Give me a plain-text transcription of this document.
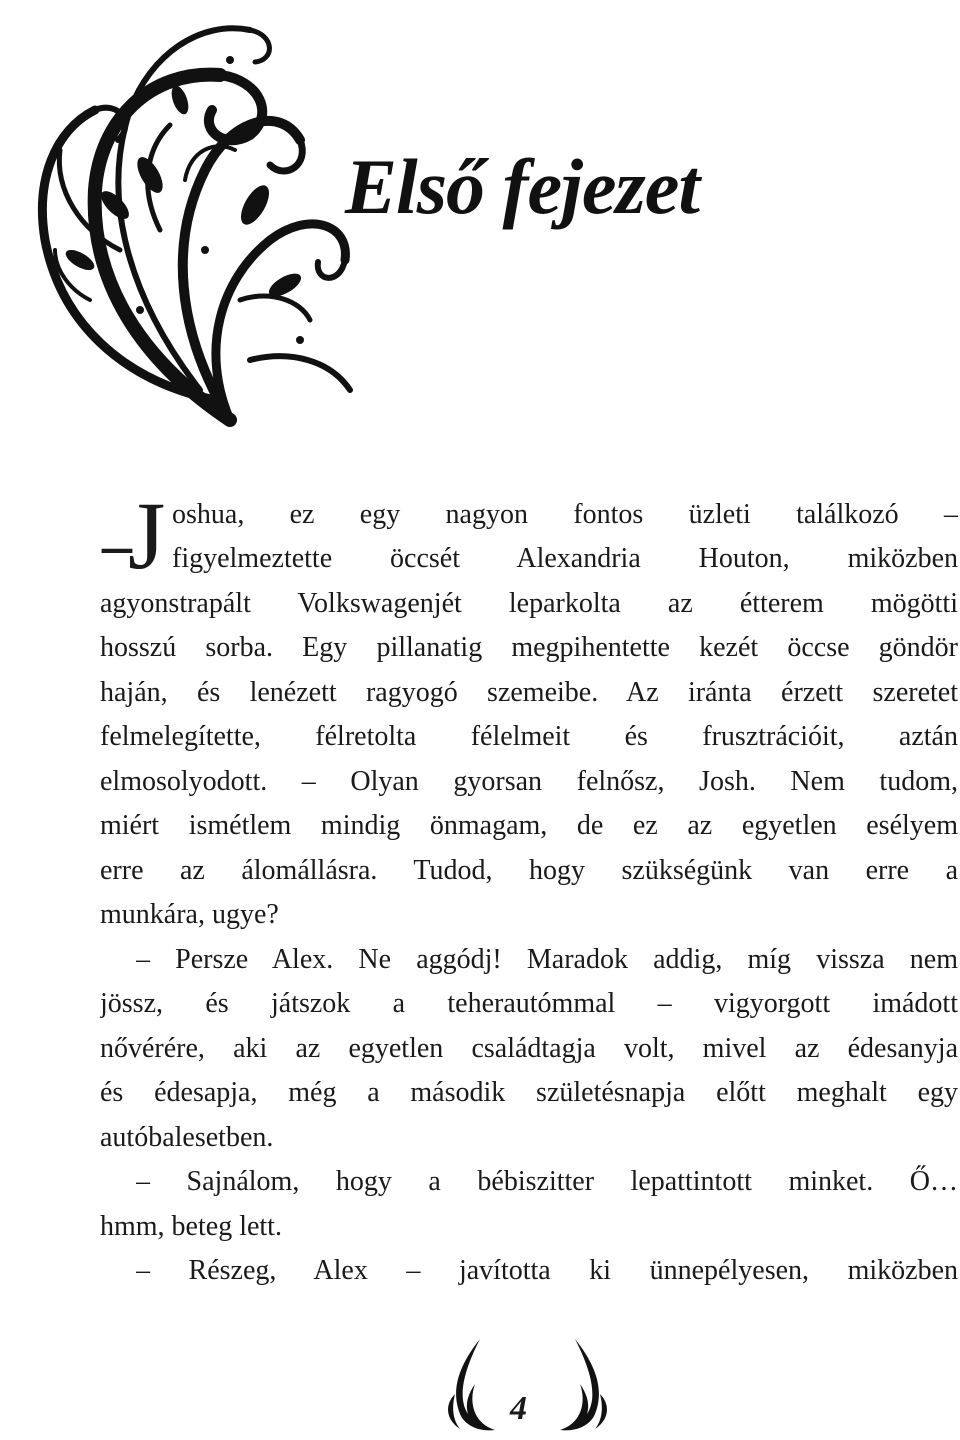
Első fejezet
–
J oshua, ez egy nagyon fontos üzleti találkozó –
figyelmeztette öccsét Alexandria Houton, miközben
agyonstrapált Volkswagenjét leparkolta az étterem mögötti
hosszú sorba. Egy pillanatig megpihentette kezét öccse göndör
haján, és lenézett ragyogó szemeibe. Az iránta érzett szeretet
felmelegítette, félretolta félelmeit és frusztrációit, aztán
elmosolyodott. – Olyan gyorsan felnősz, Josh. Nem tudom,
miért ismétlem mindig önmagam, de ez az egyetlen esélyem
erre az álomállásra. Tudod, hogy szükségünk van erre a
munkára, ugye?
– Persze Alex. Ne aggódj! Maradok addig, míg vissza nem
jössz, és játszok a teherautómmal – vigyorgott imádott
nővérére, aki az egyetlen családtagja volt, mivel az édesanyja
és édesapja, még a második születésnapja előtt meghalt egy
autóbalesetben.
– Sajnálom, hogy a bébiszitter lepattintott minket. Ő…
hmm, beteg lett.
– Részeg, Alex – javította ki ünnepélyesen, miközben
4
